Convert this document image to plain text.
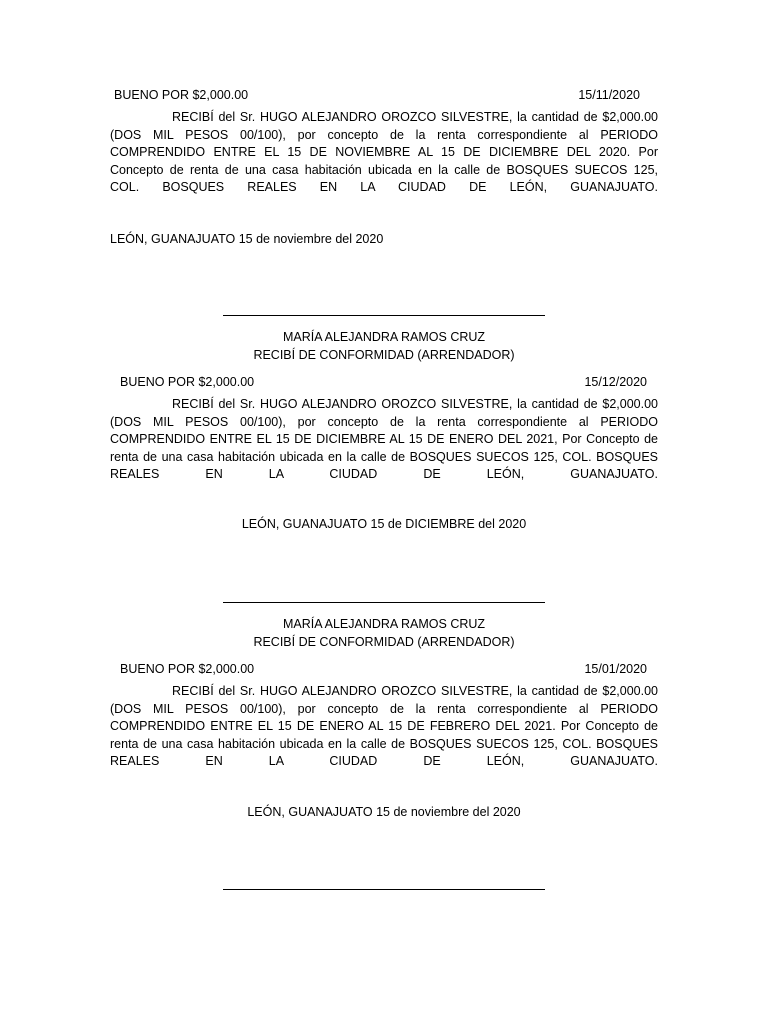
BUENO POR $2,000.00	15/11/2020
RECIBÍ del Sr. HUGO ALEJANDRO OROZCO SILVESTRE, la cantidad de $2,000.00 (DOS MIL PESOS 00/100), por concepto de la renta correspondiente al PERIODO COMPRENDIDO ENTRE EL 15 DE NOVIEMBRE AL 15 DE DICIEMBRE DEL 2020. Por Concepto de renta de una casa habitación ubicada en la calle de BOSQUES SUECOS 125, COL. BOSQUES REALES EN LA CIUDAD DE LEÓN, GUANAJUATO.
LEÓN, GUANAJUATO 15 de noviembre del 2020
MARÍA ALEJANDRA RAMOS CRUZ
RECIBÍ DE CONFORMIDAD (ARRENDADOR)
BUENO POR $2,000.00	15/12/2020
RECIBÍ del Sr. HUGO ALEJANDRO OROZCO SILVESTRE, la cantidad de $2,000.00 (DOS MIL PESOS 00/100), por concepto de la renta correspondiente al PERIODO COMPRENDIDO ENTRE EL 15 DE DICIEMBRE AL 15 DE ENERO DEL 2021, Por Concepto de renta de una casa habitación ubicada en la calle de BOSQUES SUECOS 125, COL. BOSQUES REALES EN LA CIUDAD DE LEÓN, GUANAJUATO.
LEÓN, GUANAJUATO 15 de DICIEMBRE del 2020
MARÍA ALEJANDRA RAMOS CRUZ
RECIBÍ DE CONFORMIDAD (ARRENDADOR)
BUENO POR $2,000.00	15/01/2020
RECIBÍ del Sr. HUGO ALEJANDRO OROZCO SILVESTRE, la cantidad de $2,000.00 (DOS MIL PESOS 00/100), por concepto de la renta correspondiente al PERIODO COMPRENDIDO ENTRE EL 15 DE ENERO AL 15 DE FEBRERO DEL 2021. Por Concepto de renta de una casa habitación ubicada en la calle de BOSQUES SUECOS 125, COL. BOSQUES REALES EN LA CIUDAD DE LEÓN, GUANAJUATO.
LEÓN, GUANAJUATO 15 de noviembre del 2020
